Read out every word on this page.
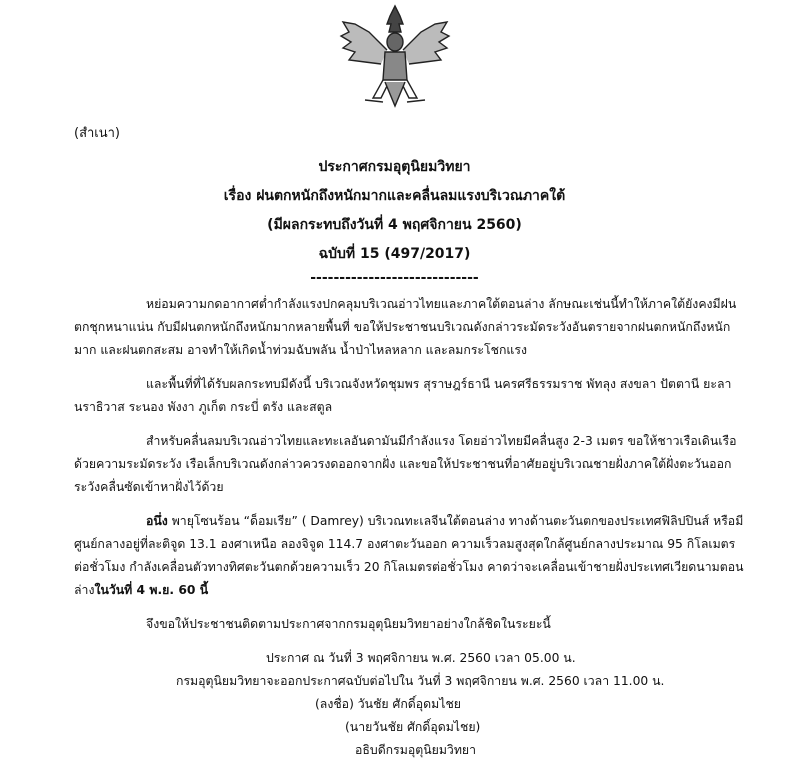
(สำเนา)
ประกาศกรมอุตุนิยมวิทยา
เรื่อง ฝนตกหนักถึงหนักมากและคลื่นลมแรงบริเวณภาคใต้
(มีผลกระทบถึงวันที่ 4 พฤศจิกายน 2560)
ฉบับที่ 15 (497/2017)
-----------------------------

หย่อมความกดอากาศต่ำกำลังแรงปกคลุมบริเวณอ่าวไทยและภาคใต้ตอนล่าง ลักษณะเช่นนี้ทำให้ภาคใต้ยังคงมีฝนตกชุกหนาแน่น กับมีฝนตกหนักถึงหนักมากหลายพื้นที่ ขอให้ประชาชนบริเวณดังกล่าวระมัดระวังอันตรายจากฝนตกหนักถึงหนักมาก และฝนตกสะสม อาจทำให้เกิดน้ำท่วมฉับพลัน น้ำป่าไหลหลาก และลมกระโชกแรง

และพื้นที่ที่ได้รับผลกระทบมีดังนี้ บริเวณจังหวัดชุมพร สุราษฎร์ธานี นครศรีธรรมราช พัทลุง สงขลา ปัตตานี ยะลา นราธิวาส ระนอง พังงา ภูเก็ต กระบี่ ตรัง และสตูล

สำหรับคลื่นลมบริเวณอ่าวไทยและทะเลอันดามันมีกำลังแรง โดยอ่าวไทยมีคลื่นสูง 2-3 เมตร ขอให้ชาวเรือเดินเรือด้วยความระมัดระวัง เรือเล็กบริเวณดังกล่าวควรงดออกจากฝั่ง และขอให้ประชาชนที่อาศัยอยู่บริเวณชายฝั่งภาคใต้ฝั่งตะวันออกระวังคลื่นซัดเข้าหาฝั่งไว้ด้วย

อนึ่ง พายุโซนร้อน “ด็อมเรีย” ( Damrey) บริเวณทะเลจีนใต้ตอนล่าง ทางด้านตะวันตกของประเทศฟิลิปปินส์ หรือมีศูนย์กลางอยู่ที่ละติจูด 13.1 องศาเหนือ ลองจิจูด 114.7 องศาตะวันออก ความเร็วลมสูงสุดใกล้ศูนย์กลางประมาณ 95 กิโลเมตรต่อชั่วโมง กำลังเคลื่อนตัวทางทิศตะวันตกด้วยความเร็ว 20 กิโลเมตรต่อชั่วโมง คาดว่าจะเคลื่อนเข้าชายฝั่งประเทศเวียดนามตอนล่างในวันที่ 4 พ.ย. 60 นี้

จึงขอให้ประชาชนติดตามประกาศจากกรมอุตุนิยมวิทยาอย่างใกล้ชิดในระยะนี้

ประกาศ ณ วันที่ 3 พฤศจิกายน พ.ศ. 2560 เวลา 05.00 น.
กรมอุตุนิยมวิทยาจะออกประกาศฉบับต่อไปใน วันที่ 3 พฤศจิกายน พ.ศ. 2560 เวลา 11.00 น.
(ลงชื่อ) วันชัย ศักดิ์อุดมไชย
(นายวันชัย ศักดิ์อุดมไชย)
อธิบดีกรมอุตุนิยมวิทยา
